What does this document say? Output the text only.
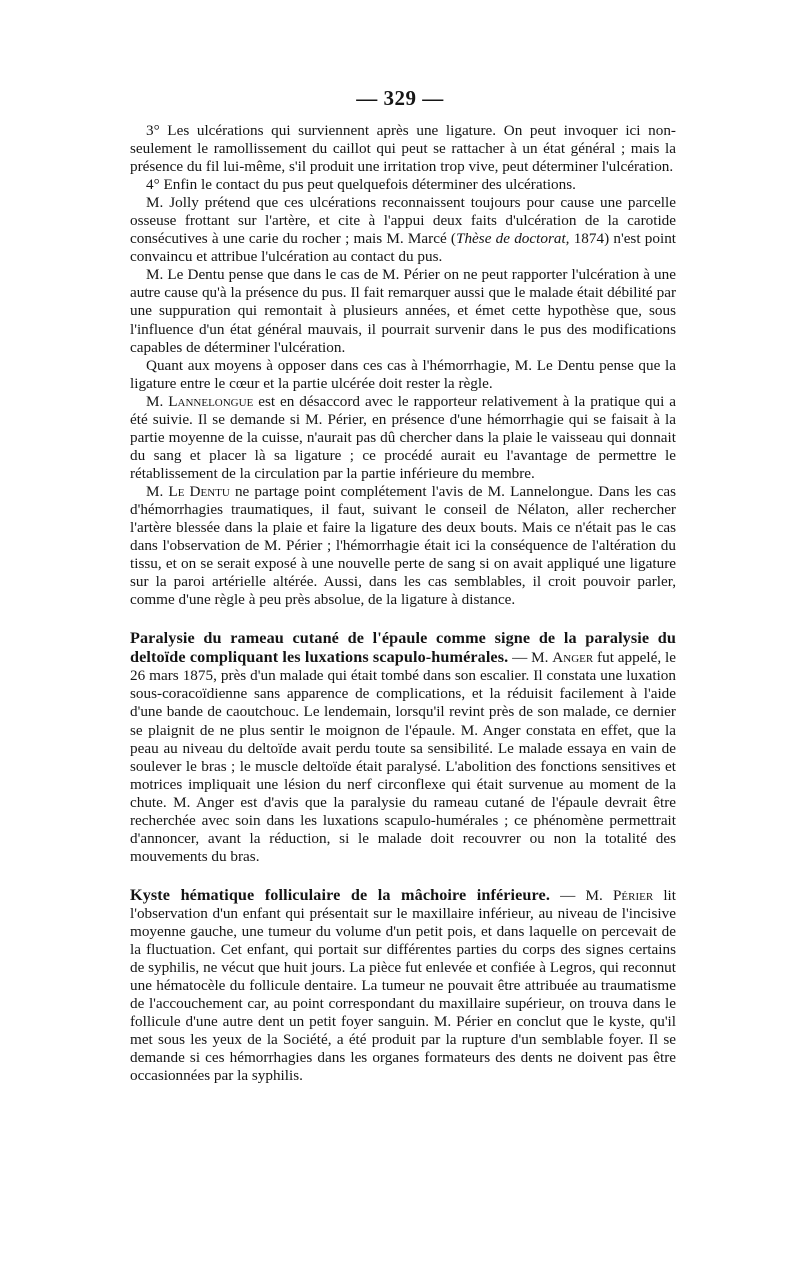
— 329 —

3° Les ulcérations qui surviennent après une ligature. On peut invoquer ici non-seulement le ramollissement du caillot qui peut se rattacher à un état général ; mais la présence du fil lui-même, s'il produit une irritation trop vive, peut déterminer l'ulcération.

4° Enfin le contact du pus peut quelquefois déterminer des ulcérations.

M. Jolly prétend que ces ulcérations reconnaissent toujours pour cause une parcelle osseuse frottant sur l'artère, et cite à l'appui deux faits d'ulcération de la carotide consécutives à une carie du rocher ; mais M. Marcé (Thèse de doctorat, 1874) n'est point convaincu et attribue l'ulcération au contact du pus.

M. Le Dentu pense que dans le cas de M. Périer on ne peut rapporter l'ulcération à une autre cause qu'à la présence du pus. Il fait remarquer aussi que le malade était débilité par une suppuration qui remontait à plusieurs années, et émet cette hypothèse que, sous l'influence d'un état général mauvais, il pourrait survenir dans le pus des modifications capables de déterminer l'ulcération.

Quant aux moyens à opposer dans ces cas à l'hémorrhagie, M. Le Dentu pense que la ligature entre le cœur et la partie ulcérée doit rester la règle.

M. Lannelongue est en désaccord avec le rapporteur relativement à la pratique qui a été suivie. Il se demande si M. Périer, en présence d'une hémorrhagie qui se faisait à la partie moyenne de la cuisse, n'aurait pas dû chercher dans la plaie le vaisseau qui donnait du sang et placer là sa ligature ; ce procédé aurait eu l'avantage de permettre le rétablissement de la circulation par la partie inférieure du membre.

M. Le Dentu ne partage point complétement l'avis de M. Lannelongue. Dans les cas d'hémorrhagies traumatiques, il faut, suivant le conseil de Nélaton, aller rechercher l'artère blessée dans la plaie et faire la ligature des deux bouts. Mais ce n'était pas le cas dans l'observation de M. Périer ; l'hémorrhagie était ici la conséquence de l'altération du tissu, et on se serait exposé à une nouvelle perte de sang si on avait appliqué une ligature sur la paroi artérielle altérée. Aussi, dans les cas semblables, il croit pouvoir parler, comme d'une règle à peu près absolue, de la ligature à distance.

Paralysie du rameau cutané de l'épaule comme signe de la paralysie du deltoïde compliquant les luxations scapulo-humérales. — M. Anger fut appelé, le 26 mars 1875, près d'un malade qui était tombé dans son escalier. Il constata une luxation sous-coracoïdienne sans apparence de complications, et la réduisit facilement à l'aide d'une bande de caoutchouc. Le lendemain, lorsqu'il revint près de son malade, ce dernier se plaignit de ne plus sentir le moignon de l'épaule. M. Anger constata en effet, que la peau au niveau du deltoïde avait perdu toute sa sensibilité. Le malade essaya en vain de soulever le bras ; le muscle deltoïde était paralysé. L'abolition des fonctions sensitives et motrices impliquait une lésion du nerf circonflexe qui était survenue au moment de la chute. M. Anger est d'avis que la paralysie du rameau cutané de l'épaule devrait être recherchée avec soin dans les luxations scapulo-humérales ; ce phénomène permettrait d'annoncer, avant la réduction, si le malade doit recouvrer ou non la totalité des mouvements du bras.

Kyste hématique folliculaire de la mâchoire inférieure. — M. Périer lit l'observation d'un enfant qui présentait sur le maxillaire inférieur, au niveau de l'incisive moyenne gauche, une tumeur du volume d'un petit pois, et dans laquelle on percevait de la fluctuation. Cet enfant, qui portait sur différentes parties du corps des signes certains de syphilis, ne vécut que huit jours. La pièce fut enlevée et confiée à Legros, qui reconnut une hématocèle du follicule dentaire. La tumeur ne pouvait être attribuée au traumatisme de l'accouchement car, au point correspondant du maxillaire supérieur, on trouva dans le follicule d'une autre dent un petit foyer sanguin. M. Périer en conclut que le kyste, qu'il met sous les yeux de la Société, a été produit par la rupture d'un semblable foyer. Il se demande si ces hémorrhagies dans les organes formateurs des dents ne doivent pas être occasionnées par la syphilis.
